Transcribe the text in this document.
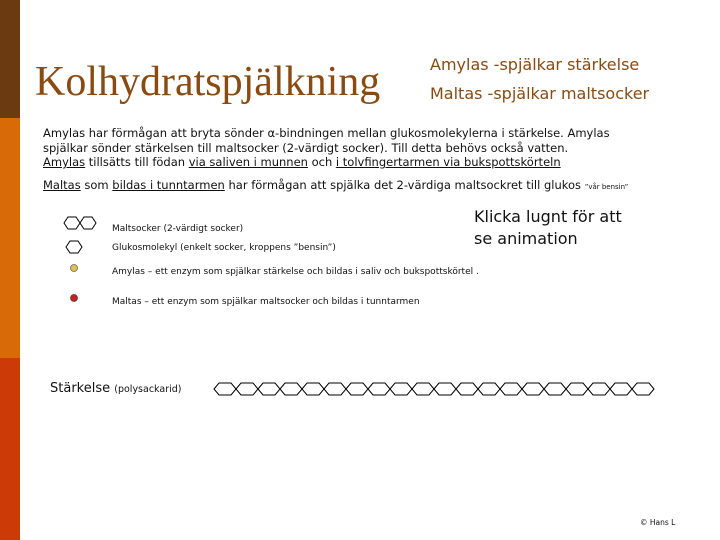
Kolhydratspjälkning	Amylas -spjälkar stärkelse
Maltas -spjälkar maltsocker
Amylas har förmågan att bryta sönder α-bindningen mellan glukosmolekylerna i stärkelse. Amylas
spjälkar sönder stärkelsen till maltsocker (2-värdigt socker). Till detta behövs också vatten.
Amylas tillsätts till födan via saliven i munnen och i tolvfingertarmen via bukspottskörteln
Maltas som bildas i tunntarmen har förmågan att spjälka det 2-värdiga maltsockret till glukos ”vår bensin”
Maltsocker (2-värdigt socker)
Glukosmolekyl (enkelt socker, kroppens ”bensin”)
Amylas – ett enzym som spjälkar stärkelse och bildas i saliv och bukspottskörtel .
Maltas – ett enzym som spjälkar maltsocker och bildas i tunntarmen
Klicka lugnt för att
se animation
Stärkelse (polysackarid)
© Hans L
